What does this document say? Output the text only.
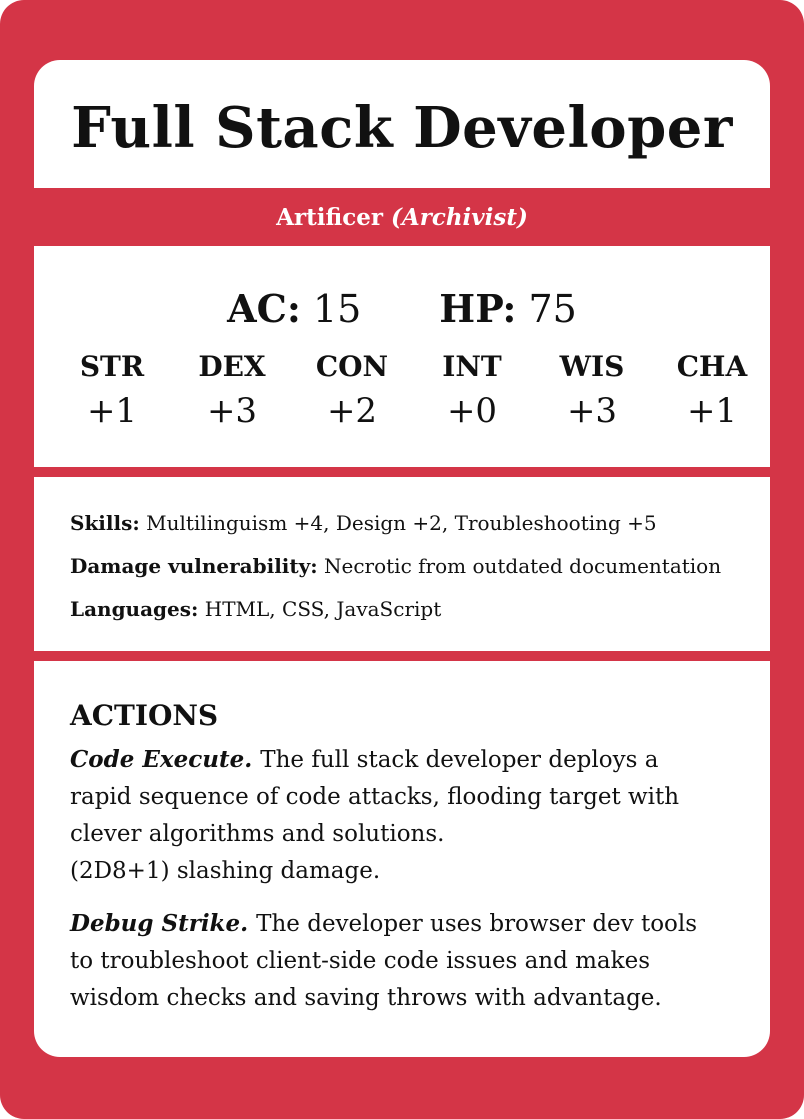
Full Stack Developer
Artificer (Archivist)
AC: 15 HP: 75
STR
+1
DEX
+3
CON
+2
INT
+0
WIS
+3
CHA
+1
Skills: Multilinguism +4, Design +2, Troubleshooting +5
Damage vulnerability: Necrotic from outdated documentation
Languages: HTML, CSS, JavaScript
ACTIONS
Code Execute. The full stack developer deploys a
rapid sequence of code attacks, flooding target with
clever algorithms and solutions.
(2D8+1) slashing damage.
Debug Strike. The developer uses browser dev tools
to troubleshoot client-side code issues and makes
wisdom checks and saving throws with advantage.
